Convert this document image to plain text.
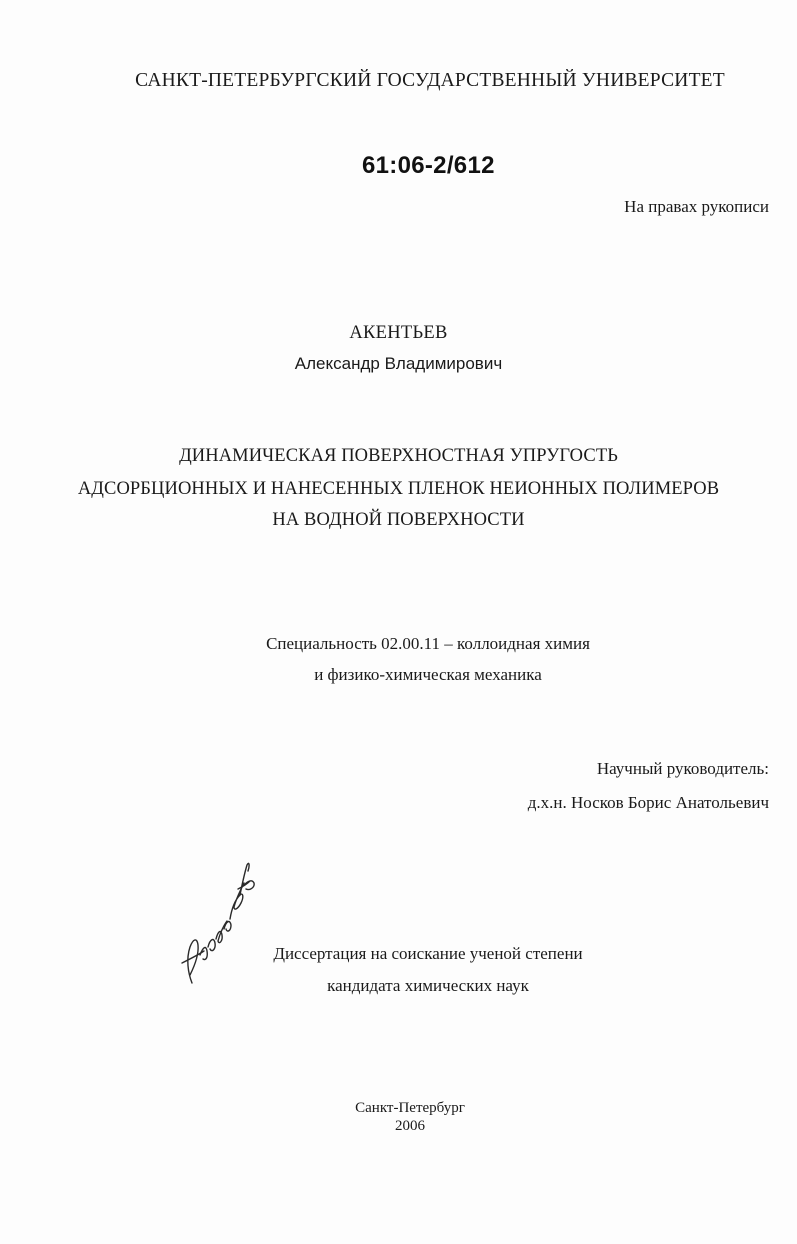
САНКТ-ПЕТЕРБУРГСКИЙ ГОСУДАРСТВЕННЫЙ УНИВЕРСИТЕТ
61:06-2/612
На правах рукописи
АКЕНТЬЕВ
Александр Владимирович
ДИНАМИЧЕСКАЯ ПОВЕРХНОСТНАЯ УПРУГОСТЬ
АДСОРБЦИОННЫХ И НАНЕСЕННЫХ ПЛЕНОК НЕИОННЫХ ПОЛИМЕРОВ
НА ВОДНОЙ ПОВЕРХНОСТИ
Специальность 02.00.11 – коллоидная химия
и физико-химическая механика
Научный руководитель:
д.х.н. Носков Борис Анатольевич
Диссертация на соискание ученой степени
кандидата химических наук
Санкт-Петербург
2006
